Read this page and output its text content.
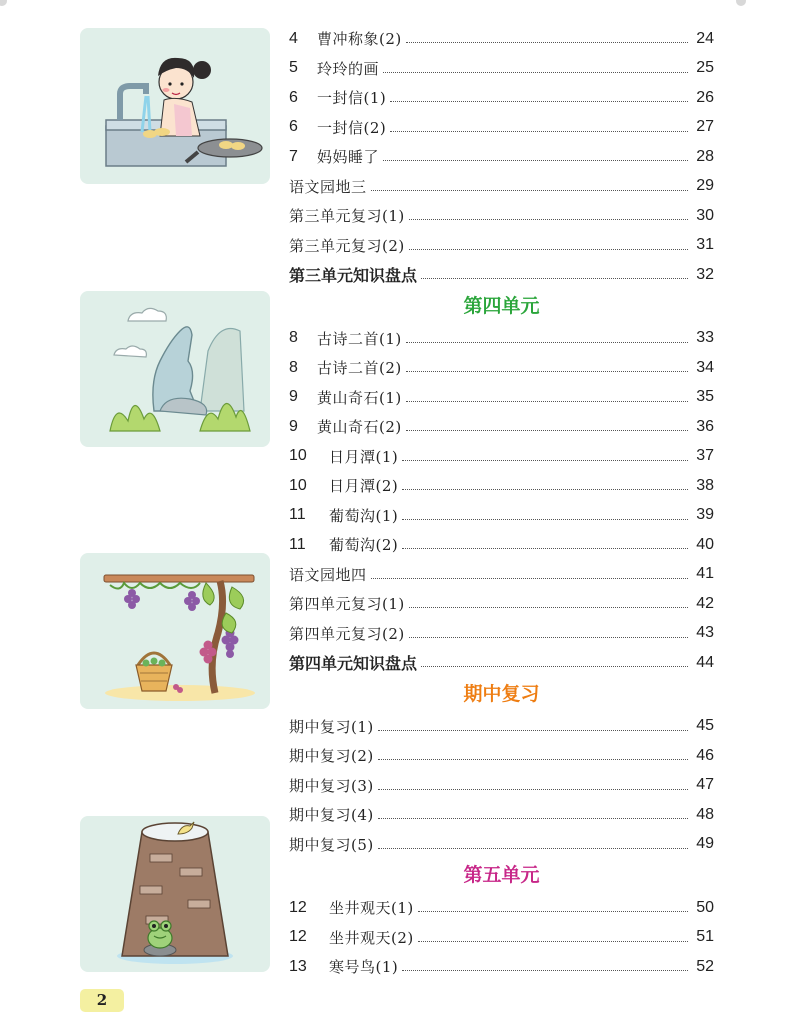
4	曹冲称象(2)	24
5	玲玲的画	25
6	一封信(1)	26
6	一封信(2)	27
7	妈妈睡了	28
语文园地三	29
第三单元复习(1)	30
第三单元复习(2)	31
第三单元知识盘点	32
第四单元
8	古诗二首(1)	33
8	古诗二首(2)	34
9	黄山奇石(1)	35
9	黄山奇石(2)	36
10	日月潭(1)	37
10	日月潭(2)	38
11	葡萄沟(1)	39
11	葡萄沟(2)	40
语文园地四	41
第四单元复习(1)	42
第四单元复习(2)	43
第四单元知识盘点	44
期中复习
期中复习(1)	45
期中复习(2)	46
期中复习(3)	47
期中复习(4)	48
期中复习(5)	49
第五单元
12	坐井观天(1)	50
12	坐井观天(2)	51
13	寒号鸟(1)	52
2
